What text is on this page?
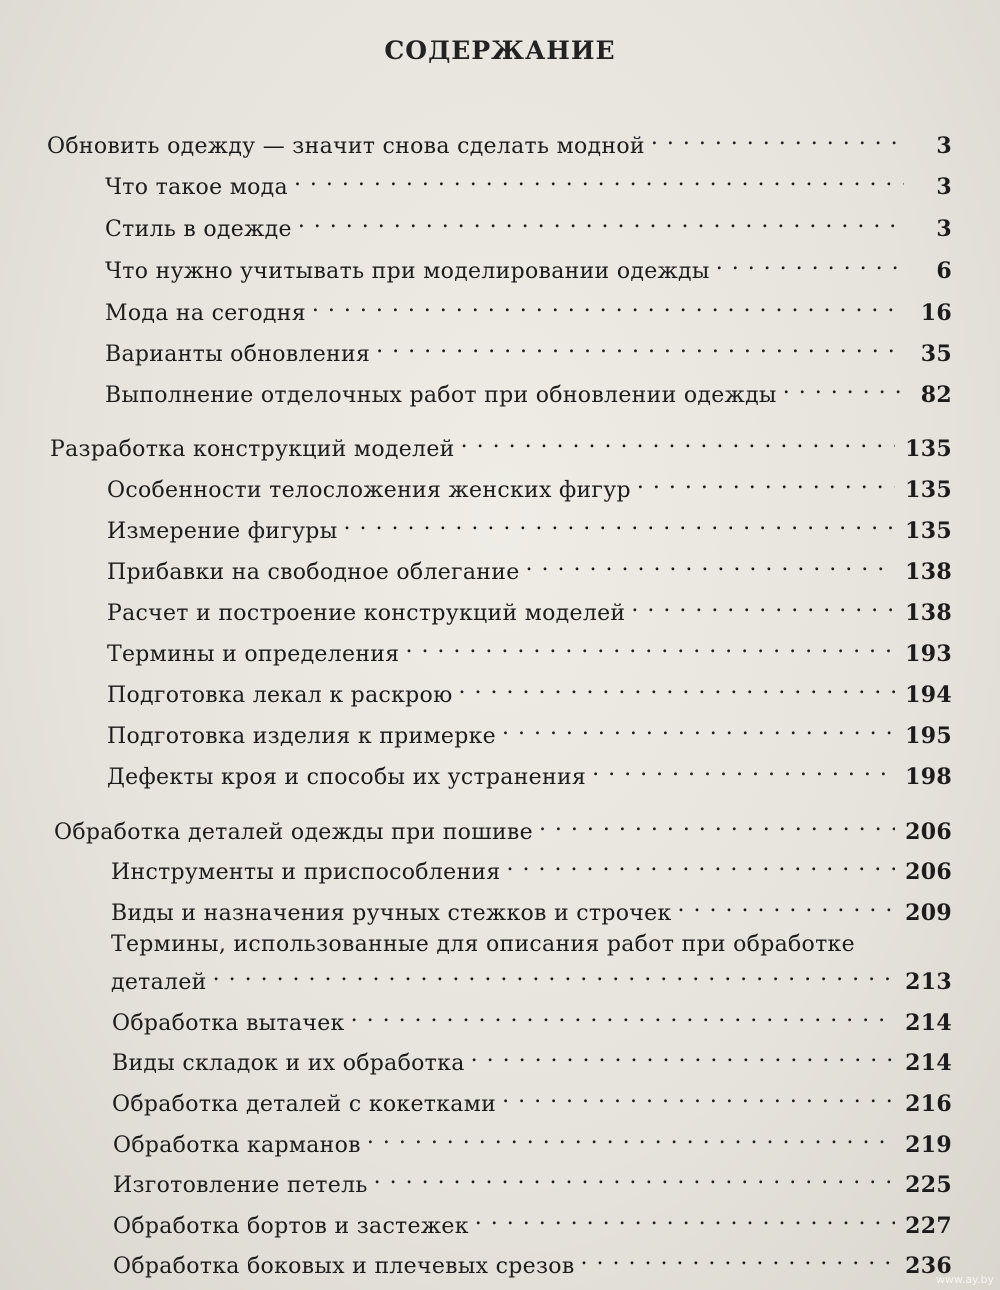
СОДЕРЖАНИЕ
Обновить одежду — значит снова сделать модной . . .	3
Что такое мода . . .	3
Стиль в одежде . . .	3
Что нужно учитывать при моделировании одежды . . .	6
Мода на сегодня . . .	16
Варианты обновления . . .	35
Выполнение отделочных работ при обновлении одежды . . .	82
Разработка конструкций моделей . . .	135
Особенности телосложения женских фигур . . .	135
Измерение фигуры . . .	135
Прибавки на свободное облегание . . .	138
Расчет и построение конструкций моделей . . .	138
Термины и определения . . .	193
Подготовка лекал к раскрою . . .	194
Подготовка изделия к примерке . . .	195
Дефекты кроя и способы их устранения . . .	198
Обработка деталей одежды при пошиве . . .	206
Инструменты и приспособления . . .	206
Виды и назначения ручных стежков и строчек . . .	209
Термины, использованные для описания работ при обработке
деталей . . .	213
Обработка вытачек . . .	214
Виды складок и их обработка . . .	214
Обработка деталей с кокетками . . .	216
Обработка карманов . . .	219
Изготовление петель . . .	225
Обработка бортов и застежек . . .	227
Обработка боковых и плечевых срезов . . .	236
www.ay.by
